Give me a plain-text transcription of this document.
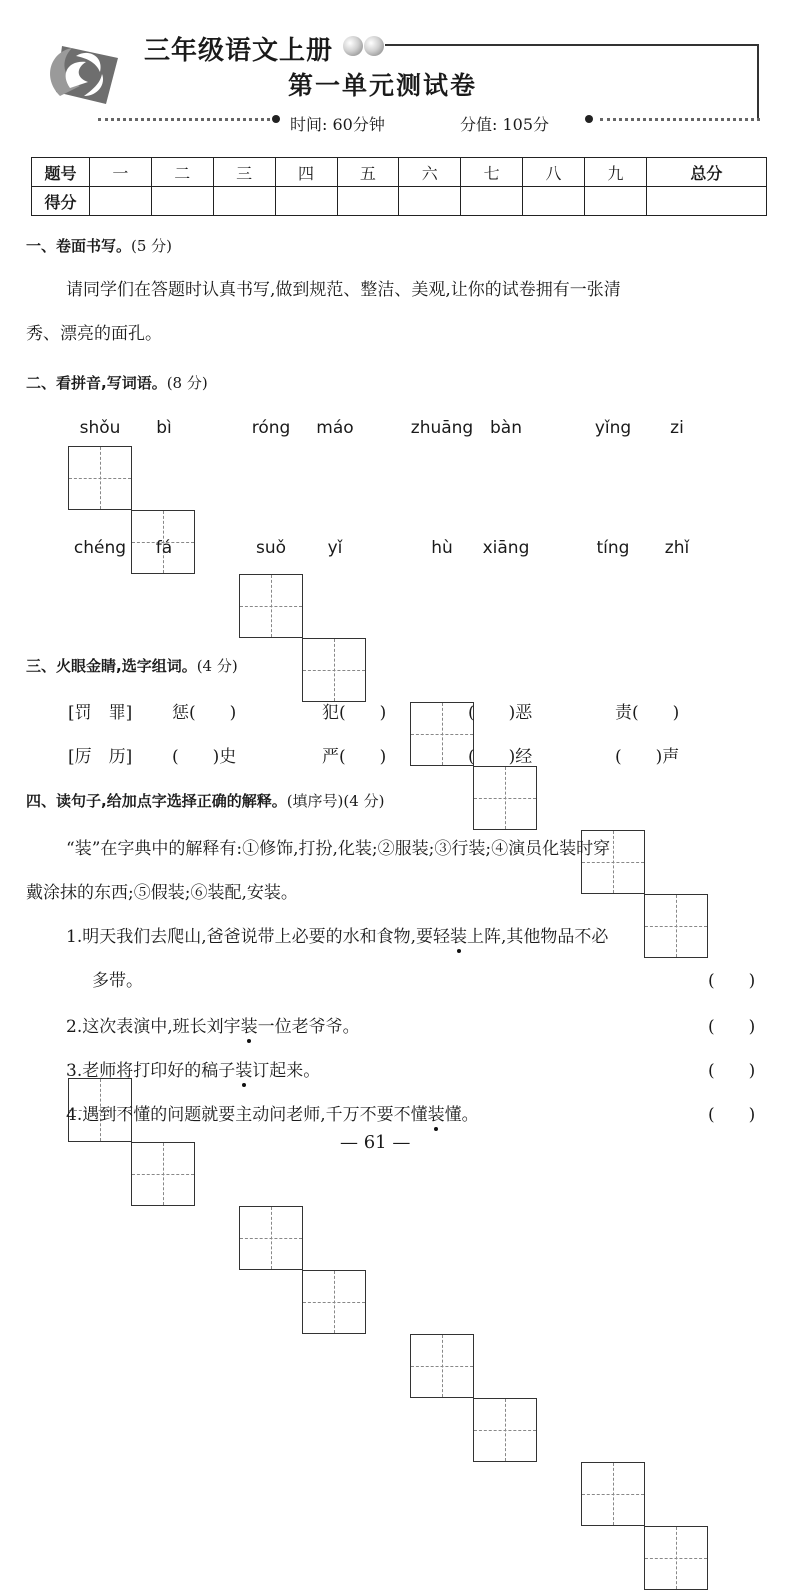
三年级语文上册
第一单元测试卷
时间: 60分钟	分值: 105分
题号	一	二	三	四	五	六	七	八	九	总分
得分										
一、卷面书写。(5 分)
请同学们在答题时认真书写,做到规范、整洁、美观,让你的试卷拥有一张清
秀、漂亮的面孔。
二、看拼音,写词语。(8 分)
shǒu	bì	róng	máo	zhuāng bàn	yǐng	zi
chéng	fá	suǒ	yǐ	hù	xiāng	tíng	zhǐ
三、火眼金睛,选字组词。(4 分)
[罚　罪] 惩(　　)	犯(　　)	(　　)恶	责(　　)
[厉　历] (　　)史	严(　　)	(　　)经	(　　)声
四、读句子,给加点字选择正确的解释。(填序号)(4 分)
“装”在字典中的解释有:①修饰,打扮,化装;②服装;③行装;④演员化装时穿
戴涂抹的东西;⑤假装;⑥装配,安装。
1.明天我们去爬山,爸爸说带上必要的水和食物,要轻装上阵,其他物品不必
多带。	(　　)
2.这次表演中,班长刘宇装一位老爷爷。	(　　)
3.老师将打印好的稿子装订起来。	(　　)
4.遇到不懂的问题就要主动问老师,千万不要不懂装懂。	(　　)
— 61 —
